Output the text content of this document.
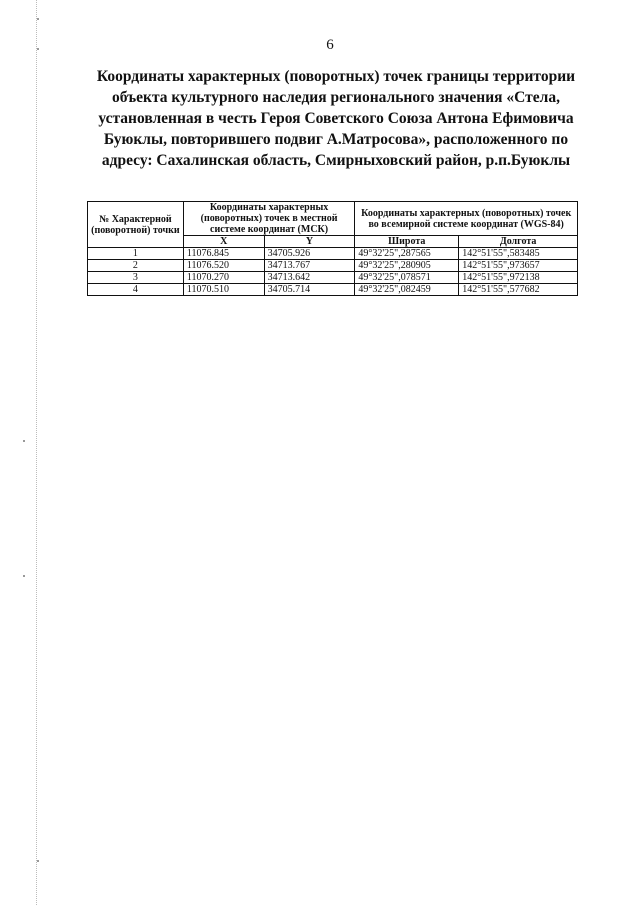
6
Координаты характерных (поворотных) точек границы территории
объекта культурного наследия регионального значения «Стела,
установленная в честь Героя Советского Союза Антона Ефимовича
Буюклы, повторившего подвиг А.Матросова», расположенного по
адресу: Сахалинская область, Смирныховский район, р.п.Буюклы
№ Характерной (поворотной) точки	Координаты характерных (поворотных) точек в местной системе координат (МСК)		Координаты характерных (поворотных) точек во всемирной системе координат (WGS-84)	
	X	Y	Широта	Долгота
1	11076.845	34705.926	49°32'25",287565	142°51'55",583485
2	11076.520	34713.767	49°32'25",280905	142°51'55",973657
3	11070.270	34713.642	49°32'25",078571	142°51'55",972138
4	11070.510	34705.714	49°32'25",082459	142°51'55",577682
